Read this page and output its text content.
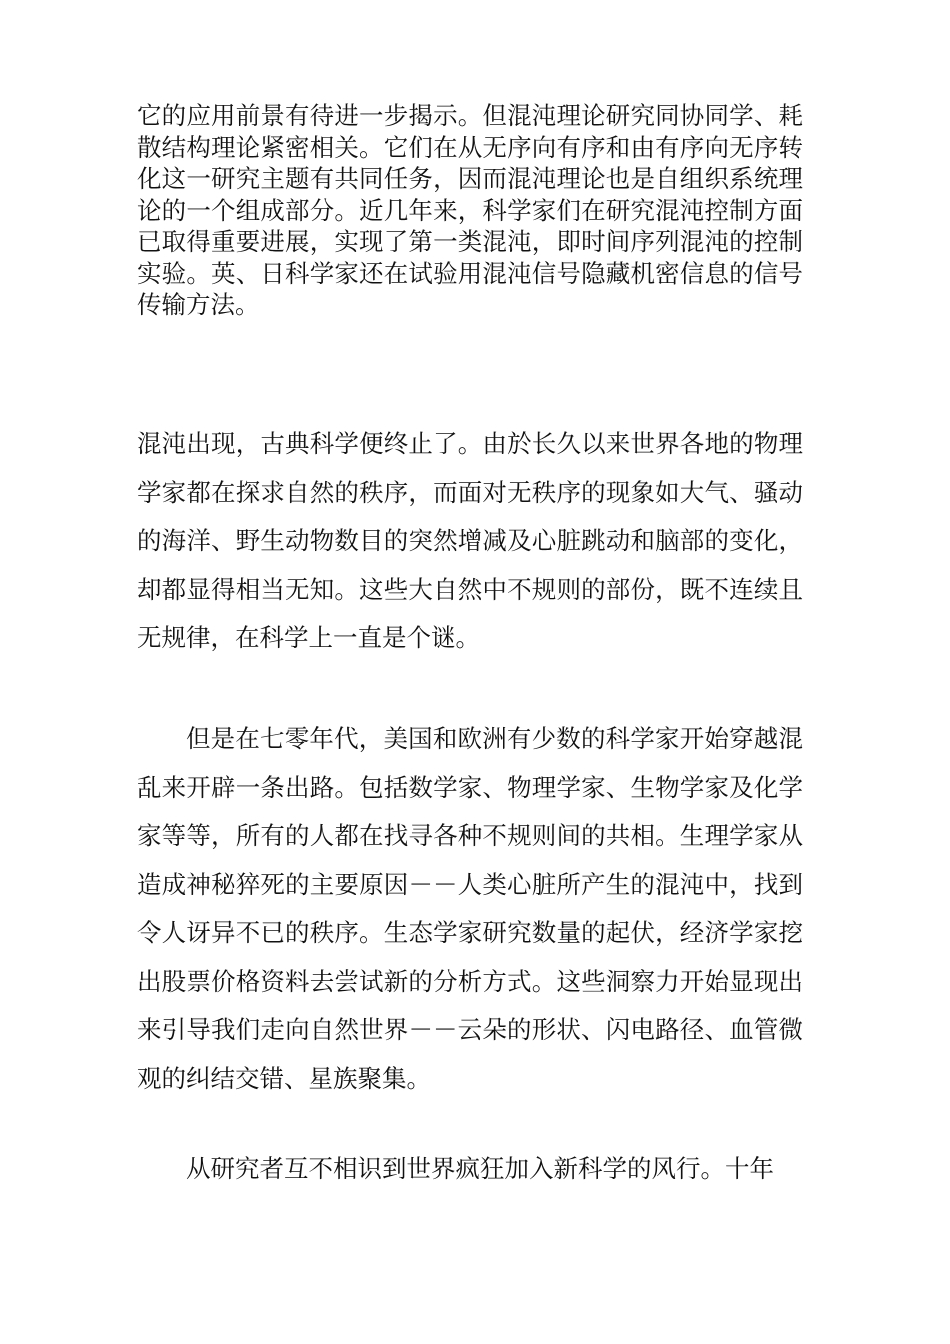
它的应用前景有待进一步揭示。但混沌理论研究同协同学、耗散结构理论紧密相关。它们在从无序向有序和由有序向无序转化这一研究主题有共同任务，因而混沌理论也是自组织系统理论的一个组成部分。近几年来，科学家们在研究混沌控制方面已取得重要进展，实现了第一类混沌，即时间序列混沌的控制实验。英、日科学家还在试验用混沌信号隐藏机密信息的信号传输方法。

混沌出现，古典科学便终止了。由於长久以来世界各地的物理学家都在探求自然的秩序，而面对无秩序的现象如大气、骚动的海洋、野生动物数目的突然增减及心脏跳动和脑部的变化，却都显得相当无知。这些大自然中不规则的部份，既不连续且无规律，在科学上一直是个谜。

但是在七零年代，美国和欧洲有少数的科学家开始穿越混乱来开辟一条出路。包括数学家、物理学家、生物学家及化学家等等，所有的人都在找寻各种不规则间的共相。生理学家从造成神秘猝死的主要原因－－人类心脏所产生的混沌中，找到令人讶异不已的秩序。生态学家研究数量的起伏，经济学家挖出股票价格资料去尝试新的分析方式。这些洞察力开始显现出来引导我们走向自然世界－－云朵的形状、闪电路径、血管微观的纠结交错、星族聚集。

从研究者互不相识到世界疯狂加入新科学的风行。十年
